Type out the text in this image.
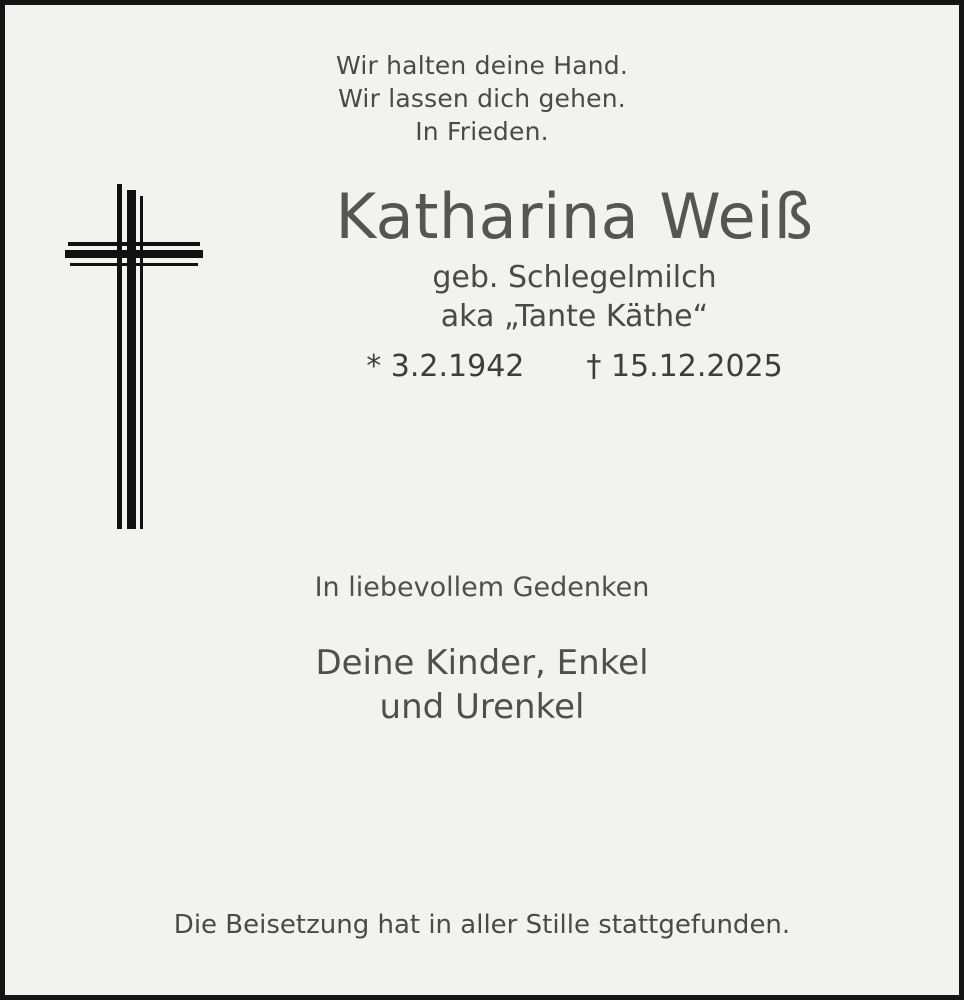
Wir halten deine Hand.
Wir lassen dich gehen.
In Frieden.
Katharina Weiß
geb. Schlegelmilch
aka „Tante Käthe“
* 3.2.1942 † 15.12.2025
In liebevollem Gedenken
Deine Kinder, Enkel
und Urenkel
Die Beisetzung hat in aller Stille stattgefunden.
